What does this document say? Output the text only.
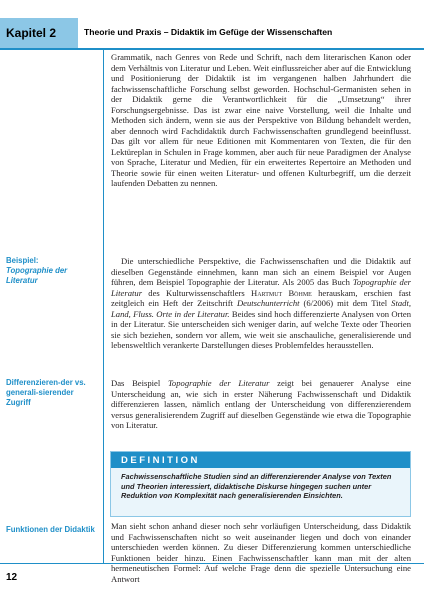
Kapitel 2	Theorie und Praxis – Didaktik im Gefüge der Wissenschaften
Grammatik, nach Genres von Rede und Schrift, nach dem literarischen Kanon oder dem Verhältnis von Literatur und Leben. Weit einflussreicher aber auf die Entwicklung und Positionierung der Didaktik ist im vergangenen halben Jahrhundert die fachwissenschaftliche Forschung selbst geworden. Hochschul-Germanisten sehen in der Didaktik gerne die Verantwortlichkeit für die „Umsetzung“ ihrer Forschungsergebnisse. Das ist zwar eine naive Vorstellung, weil die Inhalte und Methoden sich ändern, wenn sie aus der Perspektive von Bildung behandelt werden, aber dennoch wird Fachdidaktik durch Fachwissenschaften grundlegend beeinflusst. Das gilt vor allem für neue Editionen mit Kommentaren von Texten, die für den Lektüreplan in Schulen in Frage kommen, aber auch für neue Paradigmen der Analyse von Sprache, Literatur und Medien, für ein erweitertes Repertoire an Methoden und Theorie sowie für einen weiten Literatur- und offenen Kulturbegriff, um die derzeit laufenden Debatten zu nennen.
Beispiel:
Topographie der Literatur
Die unterschiedliche Perspektive, die Fachwissenschaften und die Didaktik auf dieselben Gegenstände einnehmen, kann man sich an einem Beispiel vor Augen führen, dem Beispiel Topographie der Literatur. Als 2005 das Buch Topographie der Literatur des Kulturwissenschaftlers Hartmut Böhme herauskam, erschien fast zeitgleich ein Heft der Zeitschrift Deutschunterricht (6/2006) mit dem Titel Stadt, Land, Fluss. Orte in der Literatur. Beides sind hoch differenzierte Analysen von Orten in der Literatur. Sie unterscheiden sich weniger darin, auf welche Texte oder Theorien sie sich beziehen, sondern vor allem, wie weit sie anschauliche, generalisierende und lebensweltlich verankerte Darstellungen dieses Problemfeldes herausstellen.
Differenzieren-der vs. generali-sierender Zugriff
Das Beispiel Topographie der Literatur zeigt bei genauerer Analyse eine Unterscheidung an, wie sich in erster Näherung Fachwissenschaft und Didaktik differenzieren lassen, nämlich entlang der Unterscheidung von differenzierendem versus generalisierendem Zugriff auf dieselben Gegenstände wie etwa die Topographie von Literatur.
DEFINITION
Fachwissenschaftliche Studien sind an differenzierender Analyse von Texten und Theorien interessiert, didaktische Diskurse hingegen suchen unter Reduktion von Komplexität nach generalisierenden Einsichten.
Funktionen der Didaktik	Man sieht schon anhand dieser noch sehr vorläufigen Unterscheidung, dass Didaktik und Fachwissenschaften nicht so weit auseinander liegen und doch von einander unterschieden werden können. Zu dieser Differenzierung kommen unterschiedliche Funktionen beider hinzu. Einen Fachwissenschaftler kann man mit der alten hermeneutischen Formel: Auf welche Frage denn die spezielle Untersuchung eine Antwort
12
